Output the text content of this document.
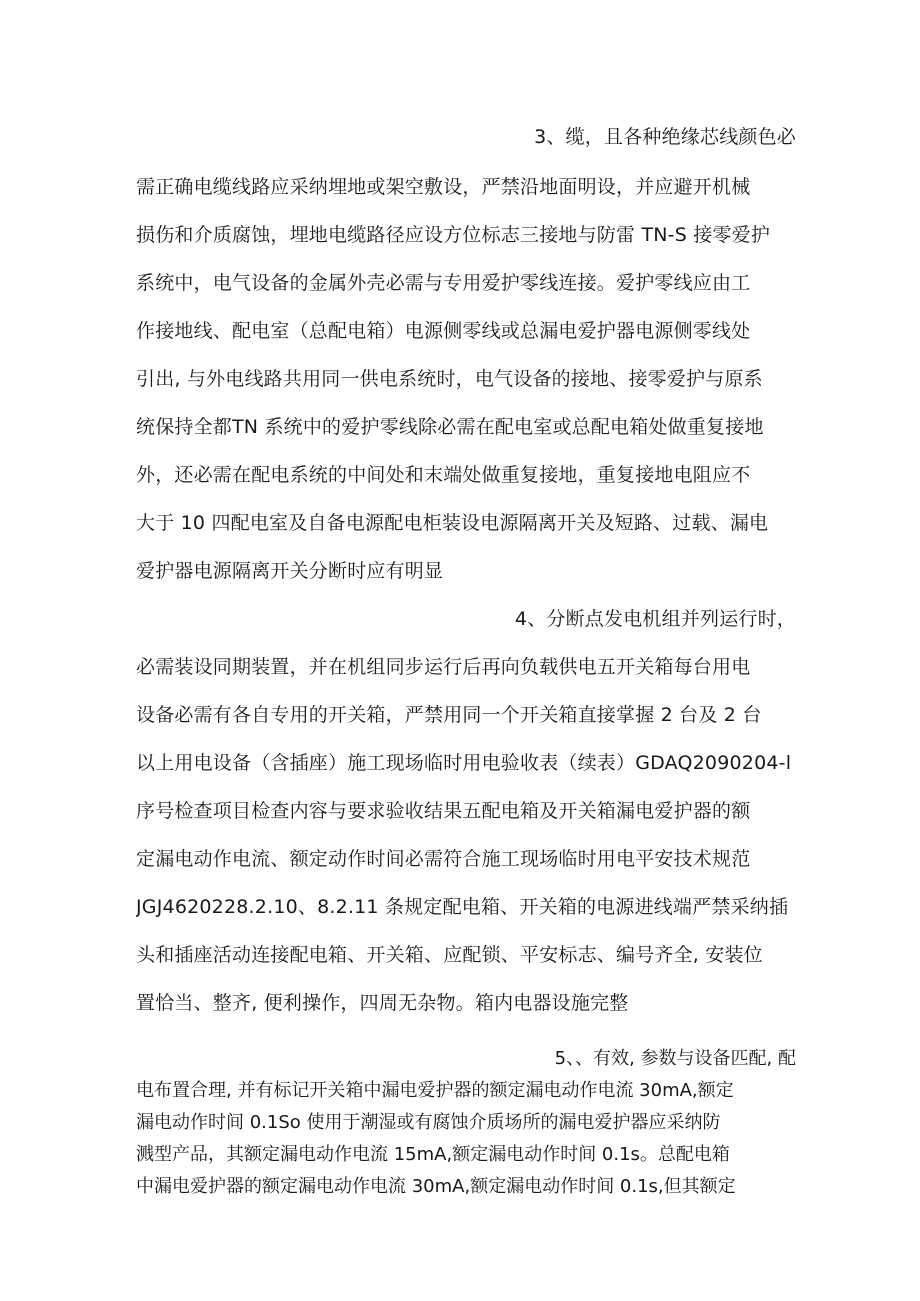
3、缆，且各种绝缘芯线颜色必
需正确电缆线路应采纳埋地或架空敷设，严禁沿地面明设，并应避开机械
损伤和介质腐蚀，埋地电缆路径应设方位标志三接地与防雷 TN-S 接零爱护
系统中，电气设备的金属外壳必需与专用爱护零线连接。爱护零线应由工
作接地线、配电室（总配电箱）电源侧零线或总漏电爱护器电源侧零线处
引出, 与外电线路共用同一供电系统时，电气设备的接地、接零爱护与原系
统保持全都TN 系统中的爱护零线除必需在配电室或总配电箱处做重复接地
外，还必需在配电系统的中间处和末端处做重复接地，重复接地电阻应不
大于 10 四配电室及自备电源配电柜装设电源隔离开关及短路、过载、漏电
爱护器电源隔离开关分断时应有明显
4、分断点发电机组并列运行时，
必需装设同期装置，并在机组同步运行后再向负载供电五开关箱每台用电
设备必需有各自专用的开关箱，严禁用同一个开关箱直接掌握 2 台及 2 台
以上用电设备（含插座）施工现场临时用电验收表（续表）GDAQ2090204-l
序号检查项目检查内容与要求验收结果五配电箱及开关箱漏电爱护器的额
定漏电动作电流、额定动作时间必需符合施工现场临时用电平安技术规范
JGJ4620228.2.10、8.2.11 条规定配电箱、开关箱的电源进线端严禁采纳插
头和插座活动连接配电箱、开关箱、应配锁、平安标志、编号齐全, 安装位
置恰当、整齐, 便利操作，四周无杂物。箱内电器设施完整
5、、有效, 参数与设备匹配, 配
电布置合理, 并有标记开关箱中漏电爱护器的额定漏电动作电流 30mA,额定
漏电动作时间 0.1So 使用于潮湿或有腐蚀介质场所的漏电爱护器应采纳防
溅型产品，其额定漏电动作电流 15mA,额定漏电动作时间 0.1s。总配电箱
中漏电爱护器的额定漏电动作电流 30mA,额定漏电动作时间 0.1s,但其额定
